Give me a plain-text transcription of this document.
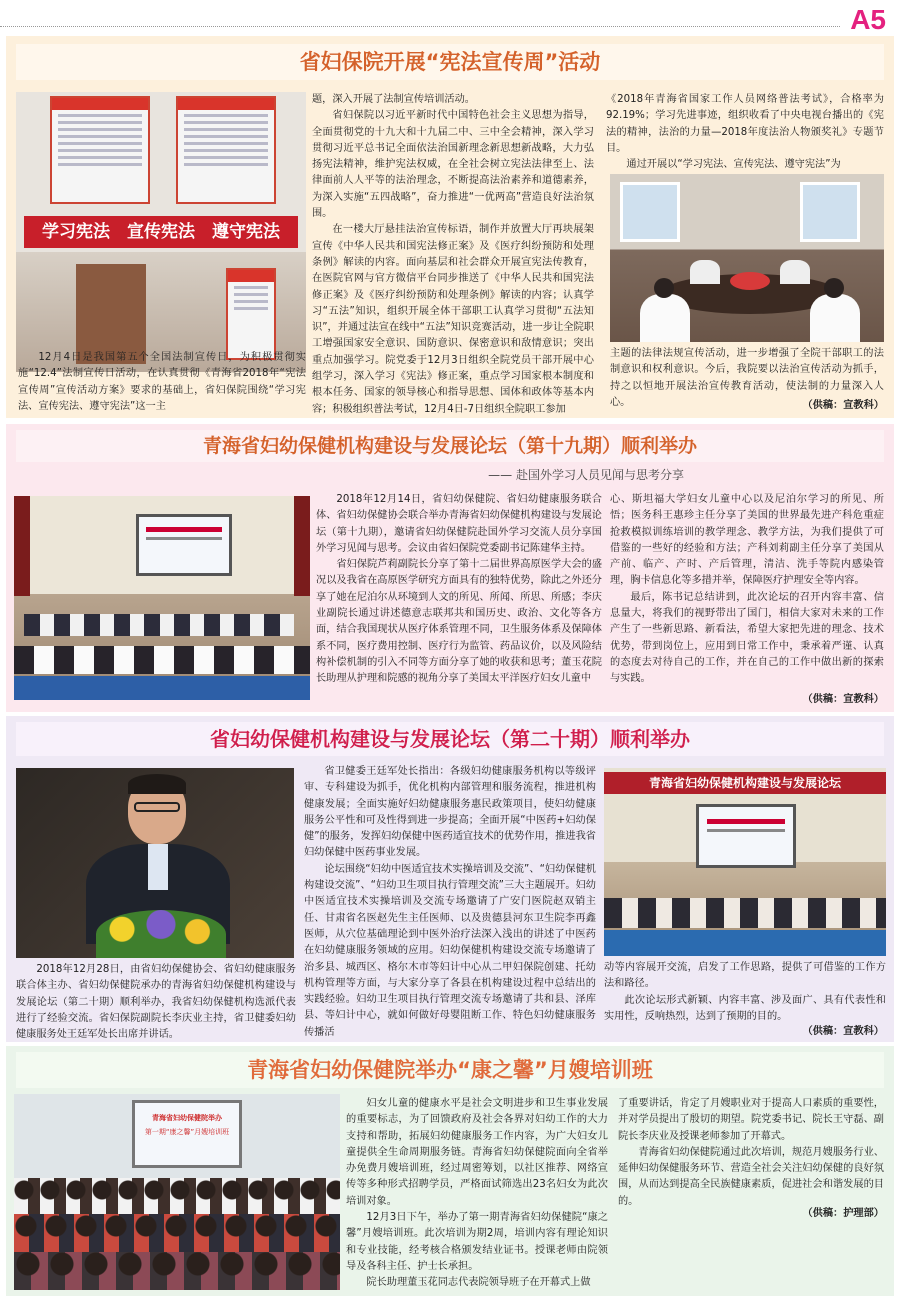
A5
省妇保院开展“宪法宣传周”活动
学习宪法　宣传宪法　遵守宪法
12月4日是我国第五个全国法制宣传日，为积极贯彻实施“12.4”法制宣传日活动，在认真贯彻《青海省2018年“宪法宣传周”宣传活动方案》要求的基础上，省妇保院围绕“学习宪法、宣传宪法、遵守宪法”这一主

题，深入开展了法制宣传培训活动。

省妇保院以习近平新时代中国特色社会主义思想为指导，全面贯彻党的十九大和十九届二中、三中全会精神，深入学习贯彻习近平总书记全面依法治国新理念新思想新战略，大力弘扬宪法精神，维护宪法权威，在全社会树立宪法法律至上、法律面前人人平等的法治理念，不断提高法治素养和道德素养，为深入实施“五四战略”，奋力推进“一优两高”营造良好法治氛围。

在一楼大厅悬挂法治宣传标语，制作并放置大厅再块展架宣传《中华人民共和国宪法修正案》及《医疗纠纷预防和处理条例》解读的内容。面向基层和社会群众开展宣宪法传教育，在医院官网与官方微信平台同步推送了《中华人民共和国宪法修正案》及《医疗纠纷预防和处理条例》解读的内容；认真学习“五法”知识，组织开展全体干部职工认真学习贯彻“五法知识”，并通过法宣在线中“五法”知识竞赛活动，进一步让全院职工增强国家安全意识、国防意识、保密意识和敌情意识；突出重点加强学习。院党委于12月3日组织全院党员干部开展中心组学习，深入学习《宪法》修正案，重点学习国家根本制度和根本任务、国家的领导核心和指导思想、国体和政体等基本内容；积极组织普法考试，12月4日-7日组织全院职工参加

《2018年青海省国家工作人员网络普法考试》，合格率为92.19%；学习先进事迹，组织收看了中央电视台播出的《宪法的精神，法治的力量—2018年度法治人物颁奖礼》专题节目。

通过开展以“学习宪法、宣传宪法、遵守宪法”为

主题的法律法规宣传活动，进一步增强了全院干部职工的法制意识和权利意识。今后，我院要以法治宣传活动为抓手，持之以恒地开展法治宣传教育活动，使法制的力量深入人心。	（供稿：宣教科）
青海省妇幼保健机构建设与发展论坛（第十九期）顺利举办
—— 赴国外学习人员见闻与思考分享

2018年12月14日，省妇幼保健院、省妇幼健康服务联合体、省妇幼保健协会联合举办青海省妇幼保健机构建设与发展论坛（第十九期），邀请省妇幼保健院赴国外学习交流人员分享国外学习见闻与思考。会议由省妇保院党委副书记陈建华主持。

省妇保院芦莉副院长分享了第十二届世界高原医学大会的盛况以及我省在高原医学研究方面具有的独特优势，除此之外还分享了她在尼泊尔从环境到人文的所见、所闻、所思、所感；李庆业副院长通过讲述德意志联邦共和国历史、政治、文化等各方面，结合我国现状从医疗体系管理不同，卫生服务体系及保障体系不同，医疗费用控制、医疗行为监管、药品议价，以及风险结构补偿机制的引入不同等方面分享了她的收获和思考；董玉花院长助理从护理和院感的视角分享了美国太平洋医疗妇女儿童中

心、斯坦福大学妇女儿童中心以及尼泊尔学习的所见、所悟；医务科王惠珍主任分享了美国的世界最先进产科危重症抢救模拟训练培训的教学理念、教学方法，为我们提供了可借鉴的一些好的经验和方法；产科刘莉副主任分享了美国从产前、临产、产时、产后管理，清洁、洗手等院内感染管理，胸卡信息化等多措并举，保障医疗护理安全等内容。

最后，陈书记总结讲到，此次论坛的召开内容丰富、信息量大，将我们的视野带出了国门，相信大家对未来的工作产生了一些新思路、新看法，希望大家把先进的理念、技术优势，带到岗位上，应用到日常工作中，秉承着严谨、认真的态度去对待自己的工作，并在自己的工作中做出新的探索与实践。

（供稿：宣教科）
省妇幼保健机构建设与发展论坛（第二十期）顺利举办
2018年12月28日，由省妇幼保健协会、省妇幼健康服务联合体主办、省妇幼保健院承办的青海省妇幼保健机构建设与发展论坛（第二十期）顺利举办，我省妇幼保健机构选派代表进行了经验交流。省妇保院副院长李庆业主持，省卫健委妇幼健康服务处王廷军处长出席并讲话。

省卫健委王廷军处长指出：各级妇幼健康服务机构以等级评审、专科建设为抓手，优化机构内部管理和服务流程，推进机构健康发展；全面实施好妇幼健康服务惠民政策项目，使妇幼健康服务公平性和可及性得到进一步提高；全面开展“中医药+妇幼保健”的服务，发挥妇幼保健中医药适宜技术的优势作用，推进我省妇幼保健中医药事业发展。

论坛围绕“妇幼中医适宜技术实操培训及交流”、“妇幼保健机构建设交流”、“妇幼卫生项目执行管理交流”三大主题展开。妇幼中医适宜技术实操培训及交流专场邀请了广安门医院赵双销主任、甘肃省名医赵先生主任医师、以及贵德县河东卫生院李再鑫医师，从穴位基础理论到中医外治疗法深入浅出的讲述了中医药在妇幼健康服务领域的应用。妇幼保健机构建设交流专场邀请了治多县、城西区、格尔木市等妇计中心从二甲妇保院创建、托幼机构管理等方面，与大家分享了各县在机构建设过程中总结出的实践经验。妇幼卫生项目执行管理交流专场邀请了共和县、泽库县、等妇计中心，就如何做好母婴阻断工作、特色妇幼健康服务传播活

青海省妇幼保健机构建设与发展论坛

动等内容展开交流，启发了工作思路，提供了可借鉴的工作方法和路径。

此次论坛形式新颖、内容丰富、涉及面广、具有代表性和实用性，反响热烈，达到了预期的目的。

（供稿：宣教科）
青海省妇幼保健院举办“康之馨”月嫂培训班
青海省妇幼保健院举办
第一期“康之馨”月嫂培训班

妇女儿童的健康水平是社会文明进步和卫生事业发展的重要标志，为了回馈政府及社会各界对妇幼工作的大力支持和帮助，拓展妇幼健康服务工作内容，为广大妇女儿童提供全生命周期服务链。青海省妇幼保健院面向全省举办免费月嫂培训班，经过周密筹划，以社区推荐、网络宣传等多种形式招聘学员，严格面试筛选出23名妇女为此次培训对象。

12月3日下午，举办了第一期青海省妇幼保健院“康之馨”月嫂培训班。此次培训为期2周，培训内容有理论知识和专业技能，经考核合格颁发结业证书。授课老师由院领导及各科主任、护士长承担。

院长助理董玉花同志代表院领导班子在开幕式上做

了重要讲话，肯定了月嫂职业对于提高人口素质的重要性，并对学员提出了殷切的期望。院党委书记、院长王守磊、副院长李庆业及授课老师参加了开幕式。

青海省妇幼保健院通过此次培训，规范月嫂服务行业、延伸妇幼保健服务环节、营造全社会关注妇幼保健的良好氛围，从而达到提高全民族健康素质，促进社会和谐发展的目的。

（供稿：护理部）
